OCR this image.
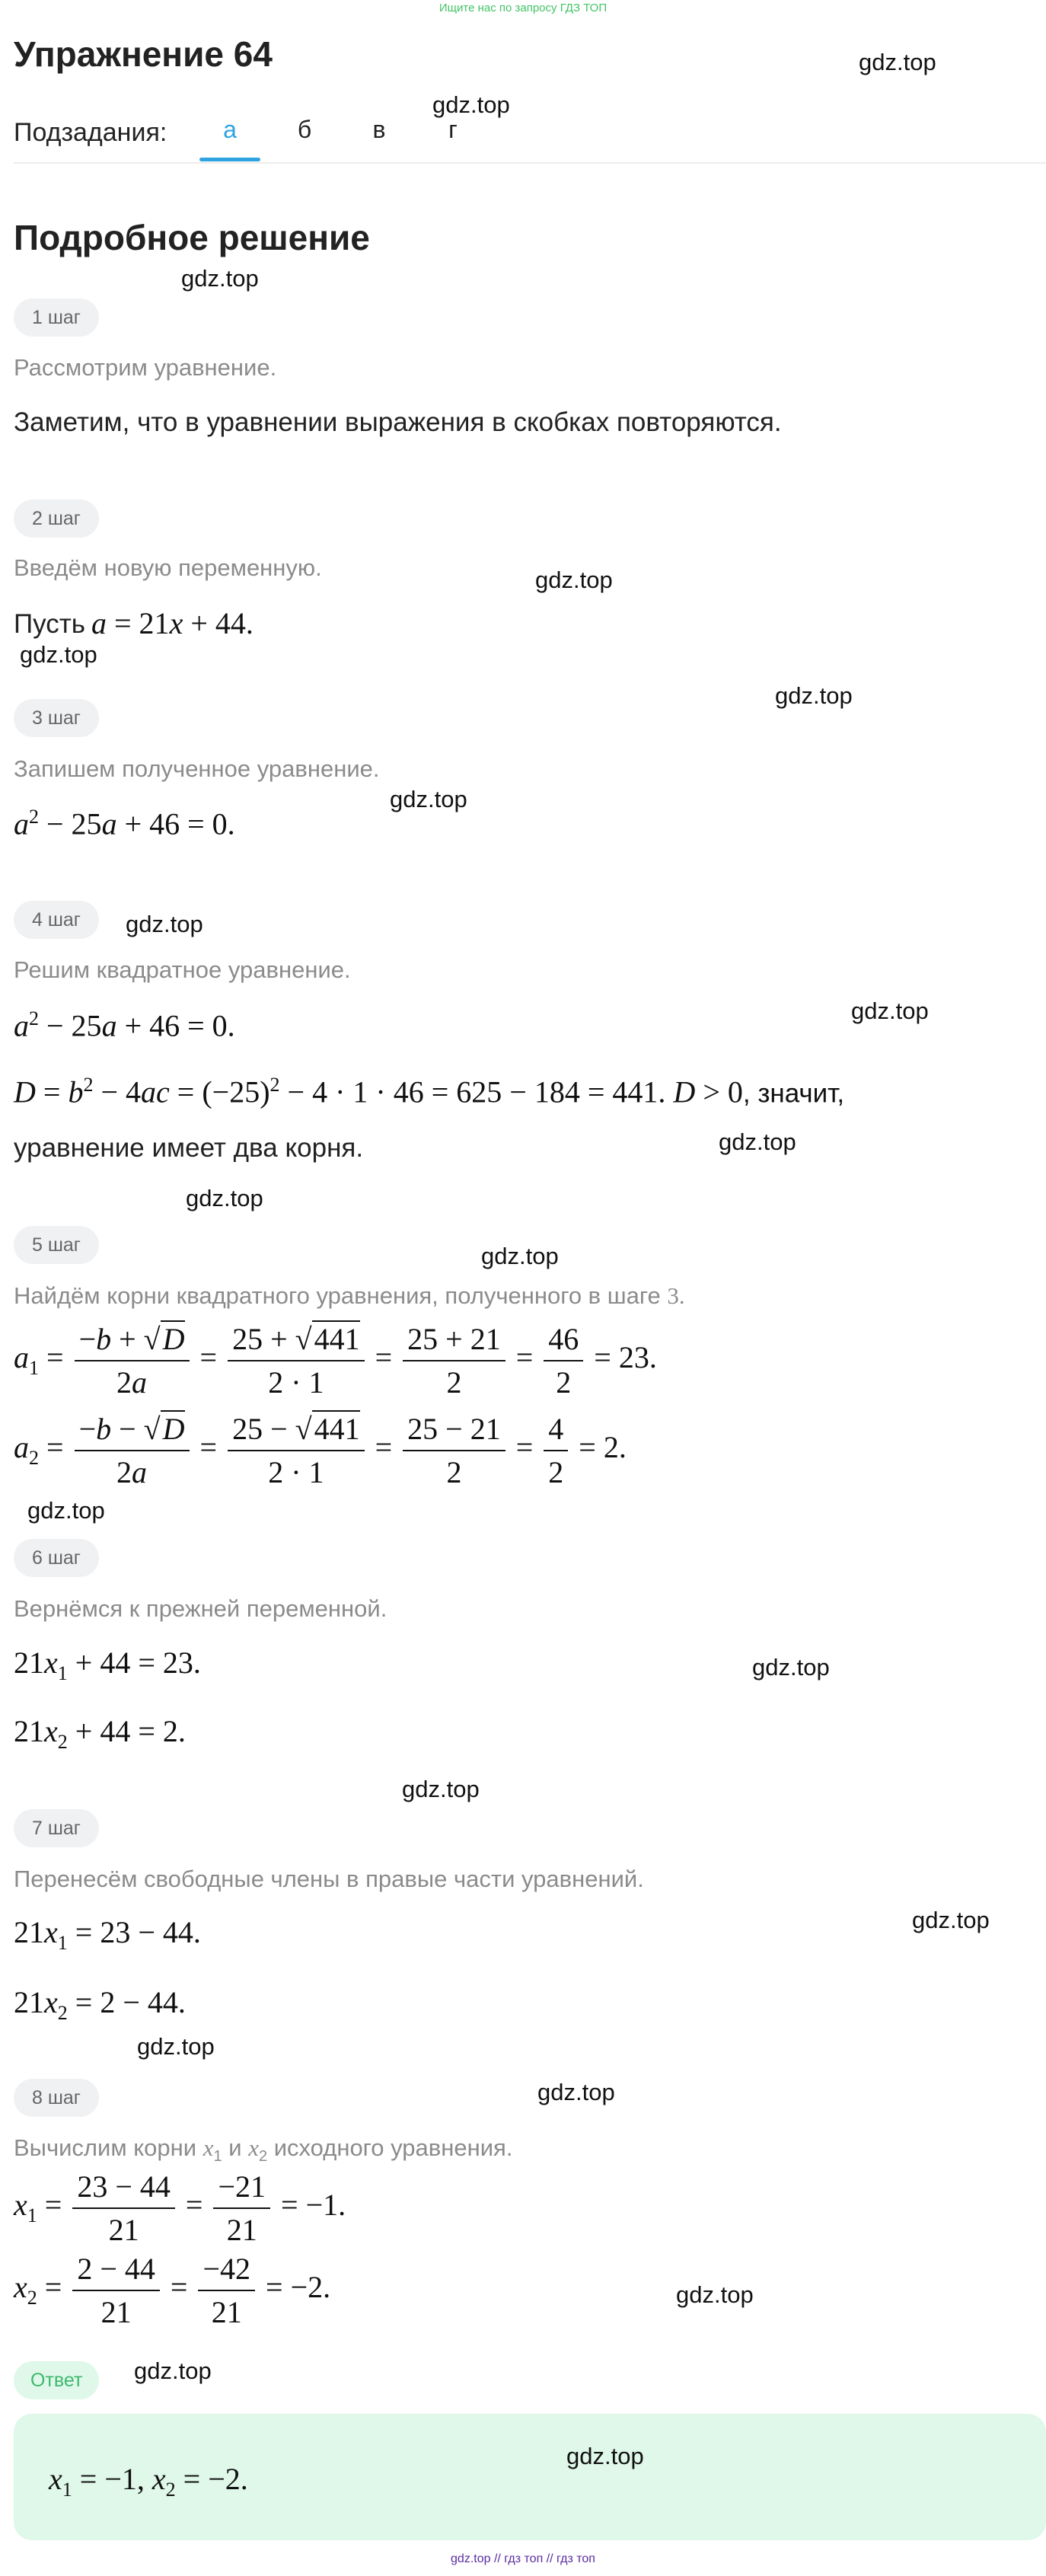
Ищите нас по запросу ГДЗ ТОП
Упражнение 64	gdz.top
gdz.top
Подзадания:	а	б	в	г
Подробное решение
gdz.top
1 шаг
Рассмотрим уравнение.
Заметим, что в уравнении выражения в скобках повторяются.
2 шаг
gdz.top
Введём новую переменную.
Пусть a = 21x + 44.
gdz.top
gdz.top
3 шаг
Запишем полученное уравнение.
gdz.top
$a^2 - 25a + 46 = 0$.
4 шаг	gdz.top
Решим квадратное уравнение.
gdz.top
$a^2 - 25a + 46 = 0$.
$D = b^2 - 4ac = (-25)^2 - 4 \cdot 1 \cdot 46 = 625 - 184 = 441$. D > 0, значит,
уравнение имеет два корня.	gdz.top
gdz.top
5 шаг	gdz.top
Найдём корни квадратного уравнения, полученного в шаге 3.
$a_1 = \frac{-b + √D}{2a} = \frac{25 + √441}{2 \cdot 1} = \frac{25 + 21}{2} = \frac{46}{2} = 23$.
$a_2 = \frac{-b - √D}{2a} = \frac{25 - √441}{2 \cdot 1} = \frac{25 - 21}{2} = \frac{4}{2} = 2$.
gdz.top
6 шаг
Вернёмся к прежней переменной.
$21x_1 + 44 = 23$.	gdz.top
$21x_2 + 44 = 2$.
gdz.top
7 шаг
Перенесём свободные члены в правые части уравнений.
gdz.top
$21x_1 = 23 - 44$.
$21x_2 = 2 - 44$.
gdz.top
8 шаг	gdz.top
Вычислим корни $x_1$ и $x_2$ исходного уравнения.
$x_1 = \frac{23 - 44}{21} = \frac{-21}{21} = -1$.
$x_2 = \frac{2 - 44}{21} = \frac{-42}{21} = -2$.	gdz.top
Ответ	gdz.top
gdz.top
$x_1 = -1$, $x_2 = -2$.
gdz.top // гдз топ // гдз топ
